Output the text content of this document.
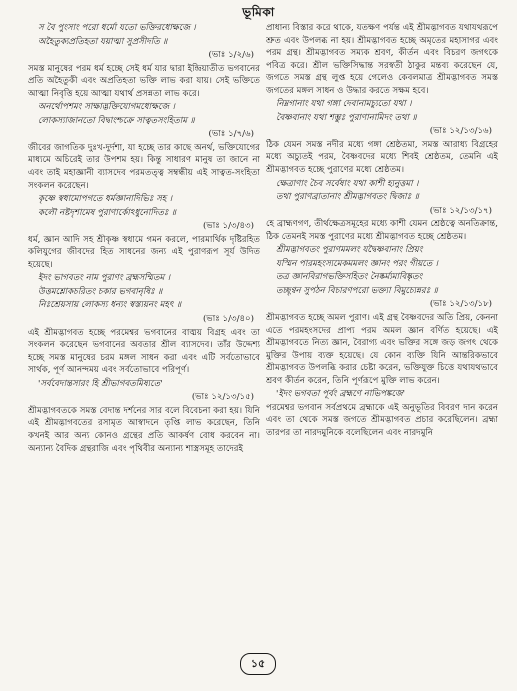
ভূমিকা

স বৈ পুংসাং পরো ধর্মো যতো ভক্তিরধোক্ষজে ।

অহৈতুক্যপ্রতিহতা যয়াত্মা সুপ্রসীদতি ॥

(ভাঃ ১/২/৬)

সমস্ত মানুষের পরম ধর্ম হচ্ছে সেই ধর্ম যার দ্বারা ইন্দ্রিয়াতীত ভগবানের প্রতি অহৈতুকী এবং অপ্রতিহতা ভক্তি লাভ করা যায়। সেই ভক্তিতে আত্মা নিবৃত্তি হয়ে আত্মা যথার্থ প্রসন্নতা লাভ করে।

অনর্থোপশমং সাক্ষাদ্ভক্তিযোগমধোক্ষজে ।

লোকস্যাজানতো বিদ্বাংশ্চক্রে সাত্বতসংহিতাম ॥

(ভাঃ ১/৭/৬)

জীবের জাগতিক দুঃখ-দুর্দশা, যা হচ্ছে তার কাছে অনর্থ, ভক্তিযোগের মাধ্যমে অচিরেই তার উপশম হয়। কিন্তু সাধারণ মানুষ তা জানে না এবং তাই মহাজ্ঞানী ব্যাসদেব পরমতত্ত্ব সম্বন্ধীয় এই সাত্বত-সংহিতা সংকলন করেছেন।

কৃষ্ণে স্বধামোপগতে ধর্মজ্ঞানাদিভিঃ সহ ।

কলৌ নষ্টদৃশামেষ পুরাণার্কোঽধুনোদিতঃ ॥

(ভাঃ ১/৩/৪৩)

ধর্ম, জ্ঞান আদি সহ শ্রীকৃষ্ণ স্বধামে গমন করলে, পারমার্থিক দৃষ্টিরহিত কলিযুগের জীবদের হিত সাধনের জন্য এই পুরাণরূপ সূর্য উদিত হয়েছে।

ইদং ভাগবতং নাম পুরাণং ব্রহ্মসম্মিতম ।

উত্তমশ্লোকচরিতং চকার ভগবানৃষিঃ ॥

নিঃশ্রেয়সায় লোকস্য ধন্যং স্বস্ত্যয়নং মহৎ ॥

(ভাঃ ১/৩/৪০)

এই শ্রীমদ্ভাগবত হচ্ছে পরমেশ্বর ভগবানের বাঙ্ময় বিগ্রহ এবং তা সংকলন করেছেন ভগবানের অবতার শ্রীল ব্যাসদেব। তাঁর উদ্দেশ্য হচ্ছে সমস্ত মানুষের চরম মঙ্গল সাধন করা এবং এটি সর্বতোভাবে সার্থক, পূর্ণ আনন্দময় এবং সর্বতোভাবে পরিপূর্ণ।

'সর্ববেদান্তসারং হি শ্রীভাগবতমিষ্যতে'

(ভাঃ ১২/১৩/১৫)

শ্রীমদ্ভাগবতকে সমস্ত বেদান্ত দর্শনের সার বলে বিবেচনা করা হয়। যিনি এই শ্রীমদ্ভাগবতের রসামৃত আস্বাদনে তৃপ্তি লাভ করেছেন, তিনি কখনই আর অন্য কোনও গ্রন্থের প্রতি আকর্ষণ বোধ করবেন না। অন্যান্য বৈদিক গ্রন্থরাজি এবং পৃথিবীর অন্যান্য শাস্ত্রসমূহ তাদেরই

প্রাধান্য বিস্তার করে থাকে, যতক্ষণ পর্যন্ত এই শ্রীমদ্ভাগবত যথাযথরূপে শ্রুত এবং উপলব্ধ না হয়। শ্রীমদ্ভাগবত হচ্ছে অমৃতের মহাসাগর এবং পরম গ্রন্থ। শ্রীমদ্ভাগবত সম্যক শ্রবণ, কীর্তন এবং বিচরণ জগৎকে পবিত্র করে। শ্রীল ভক্তিসিদ্ধান্ত সরস্বতী ঠাকুর মন্তব্য করেছেন যে, জগতে সমস্ত গ্রন্থ লুপ্ত হয়ে গেলেও কেবলমাত্র শ্রীমদ্ভাগবত সমস্ত জগতের মঙ্গল সাধন ও উদ্ধার করতে সক্ষম হবে।

নিম্নগানাং যথা গঙ্গা দেবানামচ্যুতো যথা ।

বৈষ্ণবানাং যথা শম্ভুঃ পুরাণানামিদং তথা ॥

(ভাঃ ১২/১৩/১৬)

ঠিক যেমন সমস্ত নদীর মধ্যে গঙ্গা শ্রেষ্ঠতমা, সমস্ত আরাধ্য বিগ্রহের মধ্যে অচ্যুতই পরম, বৈষ্ণবদের মধ্যে শিবই শ্রেষ্ঠতম, তেমনি এই শ্রীমদ্ভাগবত হচ্ছে পুরাণের মধ্যে শ্রেষ্ঠতম।

ক্ষেত্রাণাং চৈব সর্বেষাং যথা কাশী হ্যনুত্তমা ।

তথা পুরাণব্রাতানাং শ্রীমদ্ভাগবতং দ্বিজাঃ ॥

(ভাঃ ১২/১৩/১৭)

হে ব্রাহ্মণগণ, তীর্থক্ষেত্রসমূহের মধ্যে কাশী যেমন শ্রেষ্ঠত্বে অনতিক্রান্ত, ঠিক তেমনই সমস্ত পুরাণের মধ্যে শ্রীমদ্ভাগবত হচ্ছে শ্রেষ্ঠতম।

শ্রীমদ্ভাগবতং পুরাণমমলং যদ্বৈষ্ণবানাং প্রিয়ং

যস্মিন পারমহংস্যমেকমমলং জ্ঞানং পরং গীয়তে ।

তত্র জ্ঞানবিরাগভক্তিসহিতং নৈষ্কর্ম্যমাবিষ্কৃতং

তচ্ছৃণ্বন সুপঠন বিচারণপরো ভক্ত্যা বিমুচ্যেন্নরঃ ॥

(ভাঃ ১২/১৩/১৮)

শ্রীমদ্ভাগবত হচ্ছে অমল পুরাণ। এই গ্রন্থ বৈষ্ণবদের অতি প্রিয়, কেননা এতে পরমহংসদের প্রাপ্য পরম অমল জ্ঞান বর্ণিত হয়েছে। এই শ্রীমদ্ভাগবতে নিত্য জ্ঞান, বৈরাগ্য এবং ভক্তির সঙ্গে জড় জগৎ থেকে মুক্তির উপায় ব্যক্ত হয়েছে। যে কোন ব্যক্তি যিনি আন্তরিকভাবে শ্রীমদ্ভাগবত উপলব্ধি করার চেষ্টা করেন, ভক্তিযুক্ত চিত্তে যথাযথভাবে শ্রবণ কীর্তন করেন, তিনি পূর্ণরূপে মুক্তি লাভ করেন।

'ইদং ভগবতা পূর্বং ব্রহ্মণে নাভিপঙ্কজে'

পরমেশ্বর ভগবান সর্বপ্রথমে ব্রহ্মাকে এই অনুভূতির বিবরণ দান করেন এবং তা থেকে সমস্ত জগতে শ্রীমদ্ভাগবত প্রচার করেছিলেন। ব্রহ্মা তারপর তা নারদমুনিকে বলেছিলেন এবং নারদমুনি

১৫
